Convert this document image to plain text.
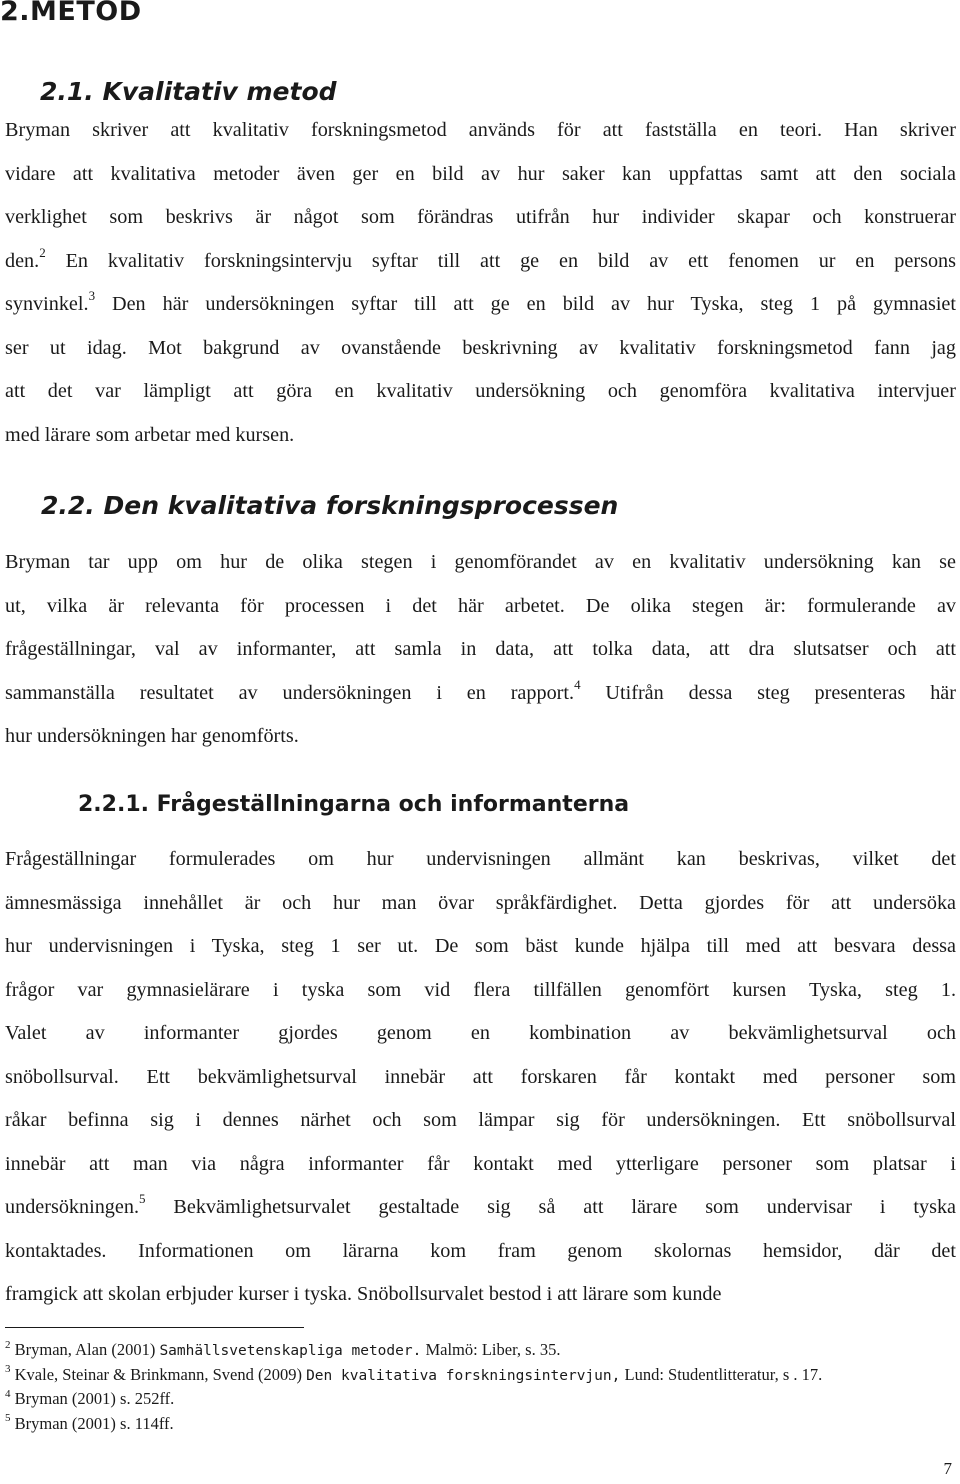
2.METOD
2.1. Kvalitativ metod
Bryman skriver att kvalitativ forskningsmetod används för att fastställa en teori. Han skriver
vidare att kvalitativa metoder även ger en bild av hur saker kan uppfattas samt att den sociala
verklighet som beskrivs är något som förändras utifrån hur individer skapar och konstruerar
den.$^2$ En kvalitativ forskningsintervju syftar till att ge en bild av ett fenomen ur en persons
synvinkel.$^3$ Den här undersökningen syftar till att ge en bild av hur Tyska, steg 1 på gymnasiet
ser ut idag. Mot bakgrund av ovanstående beskrivning av kvalitativ forskningsmetod fann jag
att det var lämpligt att göra en kvalitativ undersökning och genomföra kvalitativa intervjuer
med lärare som arbetar med kursen.
2.2. Den kvalitativa forskningsprocessen
Bryman tar upp om hur de olika stegen i genomförandet av en kvalitativ undersökning kan se
ut, vilka är relevanta för processen i det här arbetet. De olika stegen är: formulerande av
frågeställningar, val av informanter, att samla in data, att tolka data, att dra slutsatser och att
sammanställa resultatet av undersökningen i en rapport.$^4$ Utifrån dessa steg presenteras här
hur undersökningen har genomförts.
2.2.1. Frågeställningarna och informanterna
Frågeställningar formulerades om hur undervisningen allmänt kan beskrivas, vilket det
ämnesmässiga innehållet är och hur man övar språkfärdighet. Detta gjordes för att undersöka
hur undervisningen i Tyska, steg 1 ser ut. De som bäst kunde hjälpa till med att besvara dessa
frågor var gymnasielärare i tyska som vid flera tillfällen genomfört kursen Tyska, steg 1.
Valet av informanter gjordes genom en kombination av bekvämlighetsurval och
snöbollsurval. Ett bekvämlighetsurval innebär att forskaren får kontakt med personer som
råkar befinna sig i dennes närhet och som lämpar sig för undersökningen. Ett snöbollsurval
innebär att man via några informanter får kontakt med ytterligare personer som platsar i
undersökningen.$^5$ Bekvämlighetsurvalet gestaltade sig så att lärare som undervisar i tyska
kontaktades. Informationen om lärarna kom fram genom skolornas hemsidor, där det
framgick att skolan erbjuder kurser i tyska. Snöbollsurvalet bestod i att lärare som kunde
$^2$ Bryman, Alan (2001) Samhällsvetenskapliga metoder. Malmö: Liber, s. 35.
$^3$ Kvale, Steinar & Brinkmann, Svend (2009) Den kvalitativa forskningsintervjun, Lund: Studentlitteratur, s . 17.
$^4$ Bryman (2001) s. 252ff.
$^5$ Bryman (2001) s. 114ff.
7
